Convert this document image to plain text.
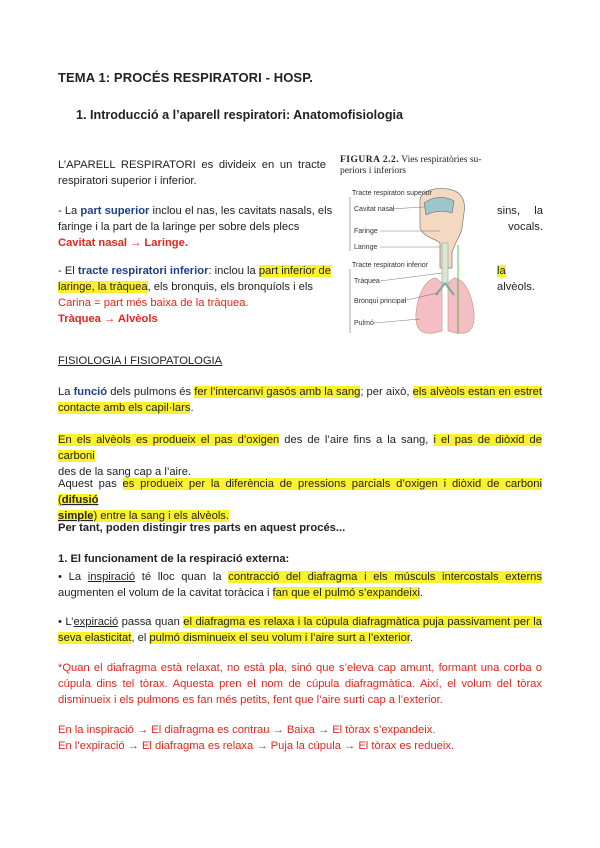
TEMA 1: PROCÉS RESPIRATORI - HOSP.
1. Introducció a l’aparell respiratori: Anatomofisiologia
L’APARELL RESPIRATORI es divideix en un tracte
respiratori superior i inferior.
- La part superior inclou el nas, les cavitats nasals, els
faringe i la part de la laringe per sobre dels plecs
Cavitat nasal → Laringe.
sins, la
vocals.
- El tracte respiratori inferior: inclou la part inferior de
laringe, la tràquea, els bronquis, els bronquíols i els
Carina = part més baixa de la tràquea.
Tràquea → Alvèols
la
alvèols.
FIGURA 2.2. Vies respiratòries su-
periors i inferiors
Tracte respiratori superior
Cavitat nasal
Faringe
Laringe
Tracte respiratori inferior
Tràquea
Bronqui principal
Pulmó
FISIOLOGIA I FISIOPATOLOGIA
La funció dels pulmons és fer l’intercanvi gasós amb la sang; per això, els alvèols estan en estret
contacte amb els capil·lars.
En els alvèols es produeix el pas d’oxigen des de l’aire fins a la sang, i el pas de diòxid de carboni
des de la sang cap a l’aire.
Aquest pas es produeix per la diferència de pressions parcials d’oxigen i diòxid de carboni (difusió
simple) entre la sang i els alvèols.
Per tant, poden distingir tres parts en aquest procés...
1. El funcionament de la respiració externa:
• La inspiració té lloc quan la contracció del diafragma i els músculs intercostals externs
augmenten el volum de la cavitat toràcica i fan que el pulmó s’expandeixi.
• L’expiració passa quan el diafragma es relaxa i la cúpula diafragmàtica puja passivament per la
seva elasticitat, el pulmó disminueix el seu volum i l’aire surt a l’exterior.
*Quan el diafragma està relaxat, no està pla, sinó que s’eleva cap amunt, formant una corba o
cúpula dins tel tòrax. Aquesta pren el nom de cúpula diafragmàtica. Així, el volum del tòrax
disminueix i els pulmons es fan més petits, fent que l’aire surti cap a l’exterior.
En la inspiració → El diafragma es contrau → Baixa → El tòrax s’expandeix.
En l’expiració → El diafragma es relaxa → Puja la cúpula → El tòrax es redueix.
